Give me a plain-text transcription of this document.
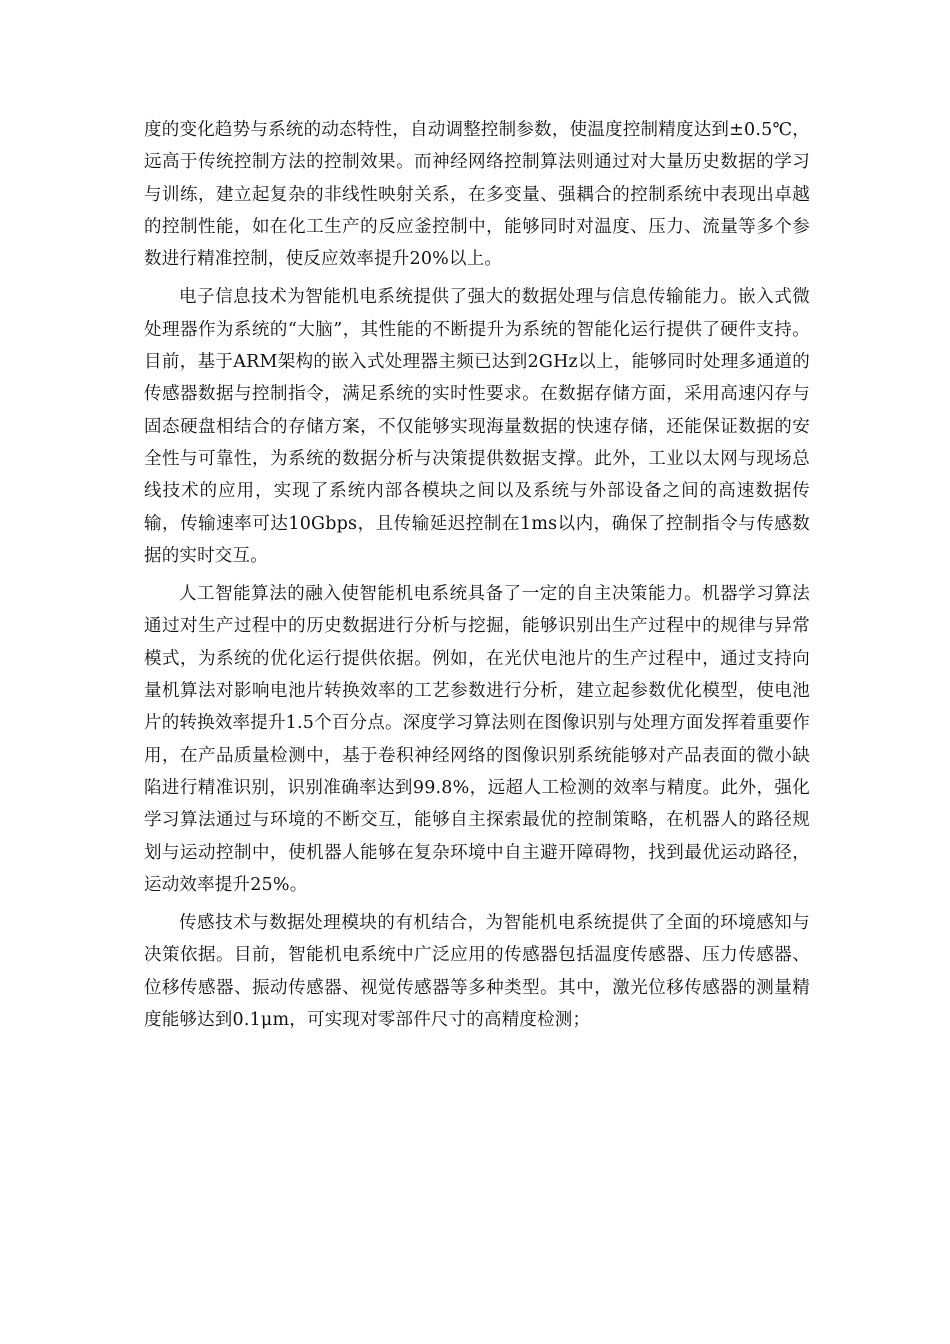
度的变化趋势与系统的动态特性，自动调整控制参数，使温度控制精度达到±0.5℃，远高于传统控制方法的控制效果。而神经网络控制算法则通过对大量历史数据的学习与训练，建立起复杂的非线性映射关系，在多变量、强耦合的控制系统中表现出卓越的控制性能，如在化工生产的反应釜控制中，能够同时对温度、压力、流量等多个参数进行精准控制，使反应效率提升20%以上。

电子信息技术为智能机电系统提供了强大的数据处理与信息传输能力。嵌入式微处理器作为系统的“大脑”，其性能的不断提升为系统的智能化运行提供了硬件支持。目前，基于ARM架构的嵌入式处理器主频已达到2GHz以上，能够同时处理多通道的传感器数据与控制指令，满足系统的实时性要求。在数据存储方面，采用高速闪存与固态硬盘相结合的存储方案，不仅能够实现海量数据的快速存储，还能保证数据的安全性与可靠性，为系统的数据分析与决策提供数据支撑。此外，工业以太网与现场总线技术的应用，实现了系统内部各模块之间以及系统与外部设备之间的高速数据传输，传输速率可达10Gbps，且传输延迟控制在1ms以内，确保了控制指令与传感数据的实时交互。

人工智能算法的融入使智能机电系统具备了一定的自主决策能力。机器学习算法通过对生产过程中的历史数据进行分析与挖掘，能够识别出生产过程中的规律与异常模式，为系统的优化运行提供依据。例如，在光伏电池片的生产过程中，通过支持向量机算法对影响电池片转换效率的工艺参数进行分析，建立起参数优化模型，使电池片的转换效率提升1.5个百分点。深度学习算法则在图像识别与处理方面发挥着重要作用，在产品质量检测中，基于卷积神经网络的图像识别系统能够对产品表面的微小缺陷进行精准识别，识别准确率达到99.8%，远超人工检测的效率与精度。此外，强化学习算法通过与环境的不断交互，能够自主探索最优的控制策略，在机器人的路径规划与运动控制中，使机器人能够在复杂环境中自主避开障碍物，找到最优运动路径，运动效率提升25%。

传感技术与数据处理模块的有机结合，为智能机电系统提供了全面的环境感知与决策依据。目前，智能机电系统中广泛应用的传感器包括温度传感器、压力传感器、位移传感器、振动传感器、视觉传感器等多种类型。其中，激光位移传感器的测量精度能够达到0.1μm，可实现对零部件尺寸的高精度检测；
